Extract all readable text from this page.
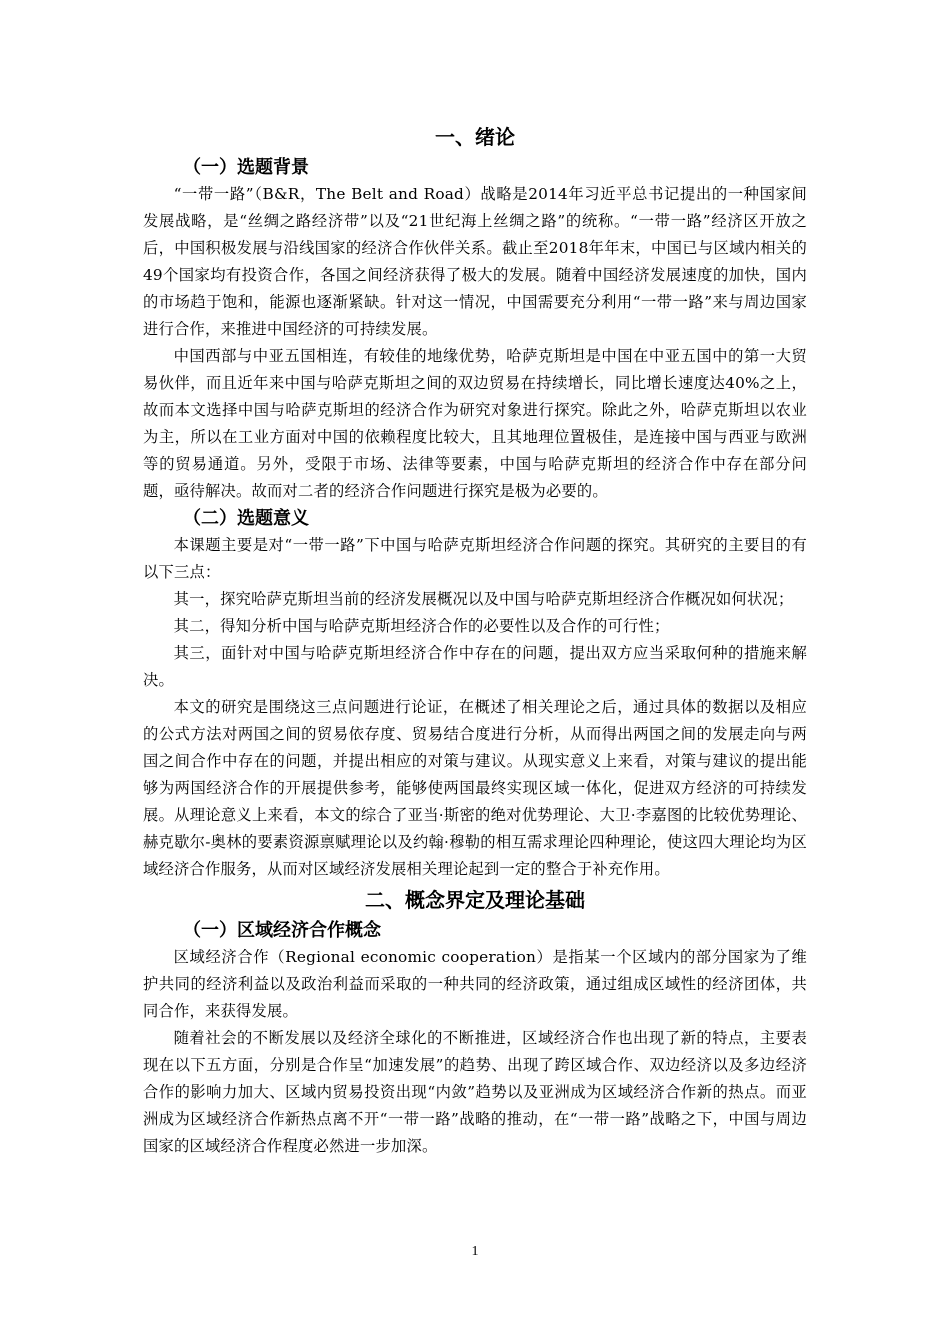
一、绪论
（一）选题背景

“一带一路”（B&R，The Belt and Road）战略是2014年习近平总书记提出的一种国家间发展战略，是“丝绸之路经济带”以及“21世纪海上丝绸之路”的统称。“一带一路”经济区开放之后，中国积极发展与沿线国家的经济合作伙伴关系。截止至2018年年末，中国已与区域内相关的49个国家均有投资合作，各国之间经济获得了极大的发展。随着中国经济发展速度的加快，国内的市场趋于饱和，能源也逐渐紧缺。针对这一情况，中国需要充分利用“一带一路”来与周边国家进行合作，来推进中国经济的可持续发展。

中国西部与中亚五国相连，有较佳的地缘优势，哈萨克斯坦是中国在中亚五国中的第一大贸易伙伴，而且近年来中国与哈萨克斯坦之间的双边贸易在持续增长，同比增长速度达40%之上，故而本文选择中国与哈萨克斯坦的经济合作为研究对象进行探究。除此之外，哈萨克斯坦以农业为主，所以在工业方面对中国的依赖程度比较大，且其地理位置极佳，是连接中国与西亚与欧洲等的贸易通道。另外，受限于市场、法律等要素，中国与哈萨克斯坦的经济合作中存在部分问题，亟待解决。故而对二者的经济合作问题进行探究是极为必要的。

（二）选题意义

本课题主要是对“一带一路”下中国与哈萨克斯坦经济合作问题的探究。其研究的主要目的有以下三点：

其一，探究哈萨克斯坦当前的经济发展概况以及中国与哈萨克斯坦经济合作概况如何状况；

其二，得知分析中国与哈萨克斯坦经济合作的必要性以及合作的可行性；

其三，面针对中国与哈萨克斯坦经济合作中存在的问题，提出双方应当采取何种的措施来解决。

本文的研究是围绕这三点问题进行论证，在概述了相关理论之后，通过具体的数据以及相应的公式方法对两国之间的贸易依存度、贸易结合度进行分析，从而得出两国之间的发展走向与两国之间合作中存在的问题，并提出相应的对策与建议。从现实意义上来看，对策与建议的提出能够为两国经济合作的开展提供参考，能够使两国最终实现区域一体化，促进双方经济的可持续发展。从理论意义上来看，本文的综合了亚当·斯密的绝对优势理论、大卫·李嘉图的比较优势理论、赫克歇尔-奥林的要素资源禀赋理论以及约翰·穆勒的相互需求理论四种理论，使这四大理论均为区域经济合作服务，从而对区域经济发展相关理论起到一定的整合于补充作用。

二、概念界定及理论基础
（一）区域经济合作概念

区域经济合作（Regional economic cooperation）是指某一个区域内的部分国家为了维护共同的经济利益以及政治利益而采取的一种共同的经济政策，通过组成区域性的经济团体，共同合作，来获得发展。

随着社会的不断发展以及经济全球化的不断推进，区域经济合作也出现了新的特点，主要表现在以下五方面，分别是合作呈“加速发展”的趋势、出现了跨区域合作、双边经济以及多边经济合作的影响力加大、区域内贸易投资出现“内敛”趋势以及亚洲成为区域经济合作新的热点。而亚洲成为区域经济合作新热点离不开“一带一路”战略的推动，在“一带一路”战略之下，中国与周边国家的区域经济合作程度必然进一步加深。

1
